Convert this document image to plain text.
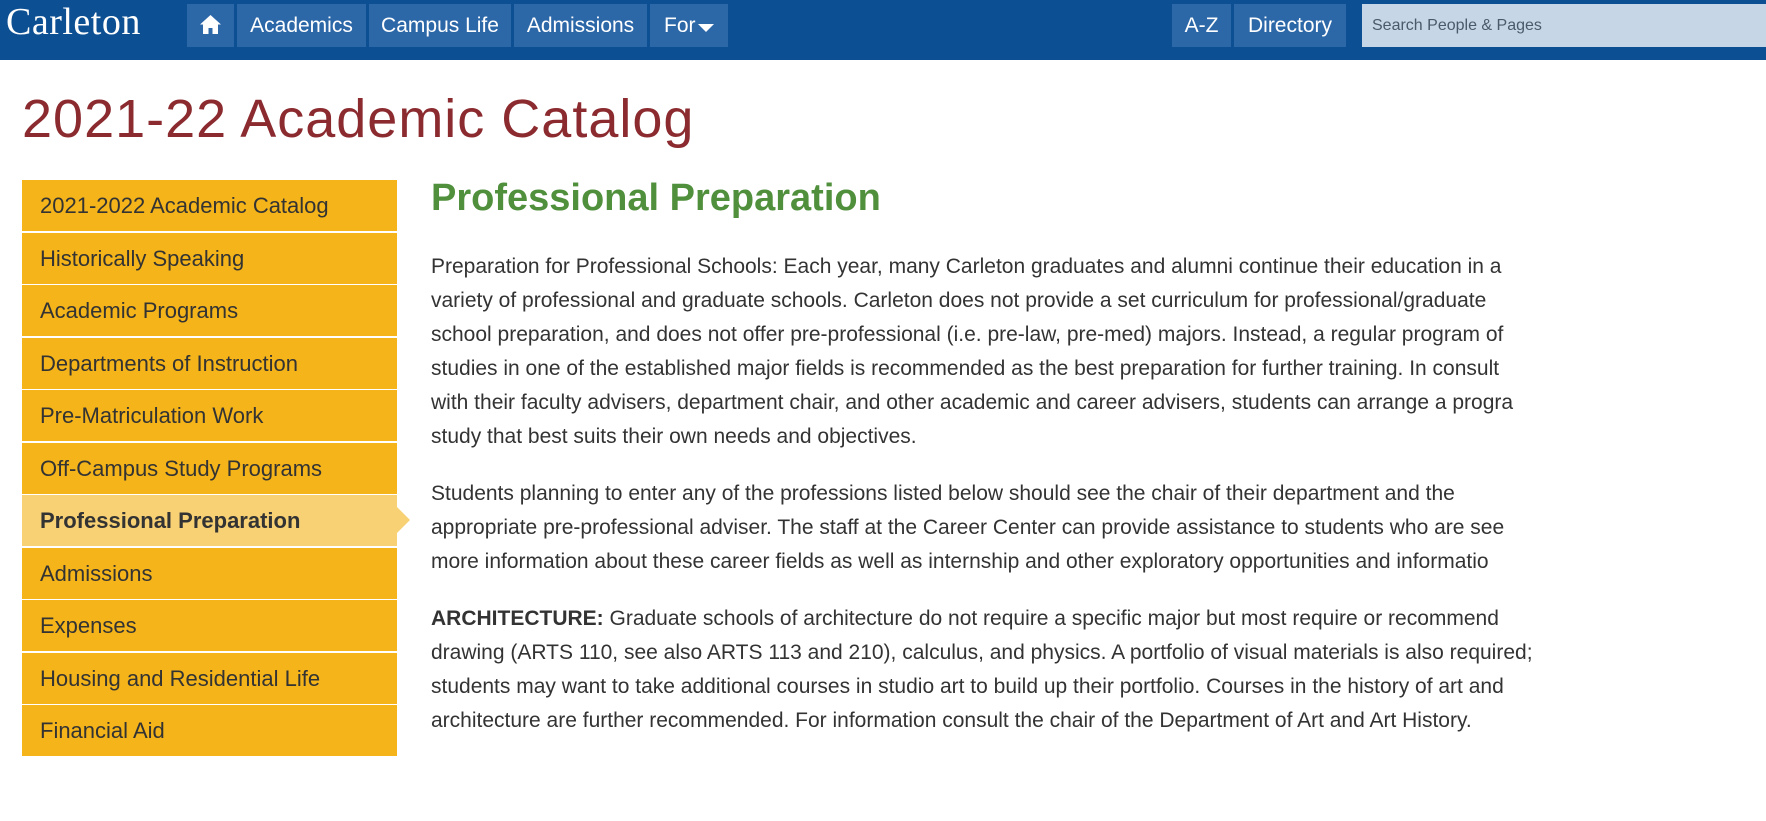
Carleton	Academics	Campus Life	Admissions	For	A-Z	Directory
Search People & Pages
2021-22 Academic Catalog
2021-2022 Academic Catalog
Historically Speaking
Academic Programs
Departments of Instruction
Pre-Matriculation Work
Off-Campus Study Programs
Professional Preparation
Admissions
Expenses
Housing and Residential Life
Financial Aid
Professional Preparation

Preparation for Professional Schools: Each year, many Carleton graduates and alumni continue their education in a
variety of professional and graduate schools. Carleton does not provide a set curriculum for professional/graduate
school preparation, and does not offer pre-professional (i.e. pre-law, pre-med) majors. Instead, a regular program of
studies in one of the established major fields is recommended as the best preparation for further training. In consult
with their faculty advisers, department chair, and other academic and career advisers, students can arrange a progra
study that best suits their own needs and objectives.

Students planning to enter any of the professions listed below should see the chair of their department and the
appropriate pre-professional adviser. The staff at the Career Center can provide assistance to students who are see
more information about these career fields as well as internship and other exploratory opportunities and informatio

ARCHITECTURE: Graduate schools of architecture do not require a specific major but most require or recommend
drawing (ARTS 110, see also ARTS 113 and 210), calculus, and physics. A portfolio of visual materials is also required;
students may want to take additional courses in studio art to build up their portfolio. Courses in the history of art and
architecture are further recommended. For information consult the chair of the Department of Art and Art History.
